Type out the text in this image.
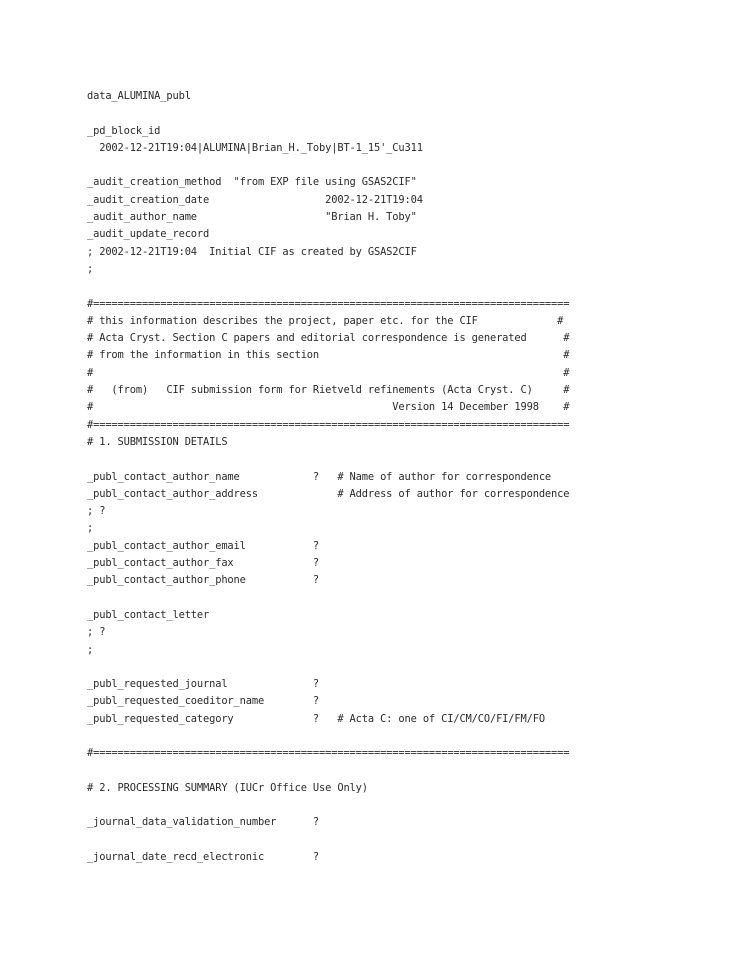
data_ALUMINA_publ
_pd_block_id
2002-12-21T19:04|ALUMINA|Brian_H._Toby|BT-1_15'_Cu311
_audit_creation_method  "from EXP file using GSAS2CIF"
_audit_creation_date                   2002-12-21T19:04
_audit_author_name                     "Brian H. Toby"
_audit_update_record
; 2002-12-21T19:04  Initial CIF as created by GSAS2CIF
;
#==============================================================================
# this information describes the project, paper etc. for the CIF             #
# Acta Cryst. Section C papers and editorial correspondence is generated      #
# from the information in this section                                        #
#                                                                             #
#   (from)   CIF submission form for Rietveld refinements (Acta Cryst. C)     #
#                                                 Version 14 December 1998    #
#==============================================================================
# 1. SUBMISSION DETAILS
_publ_contact_author_name            ?   # Name of author for correspondence
_publ_contact_author_address             # Address of author for correspondence
; ?
;
_publ_contact_author_email           ?
_publ_contact_author_fax             ?
_publ_contact_author_phone           ?
_publ_contact_letter
; ?
;
_publ_requested_journal              ?
_publ_requested_coeditor_name        ?
_publ_requested_category             ?   # Acta C: one of CI/CM/CO/FI/FM/FO
#==============================================================================
# 2. PROCESSING SUMMARY (IUCr Office Use Only)
_journal_data_validation_number      ?
_journal_date_recd_electronic        ?
